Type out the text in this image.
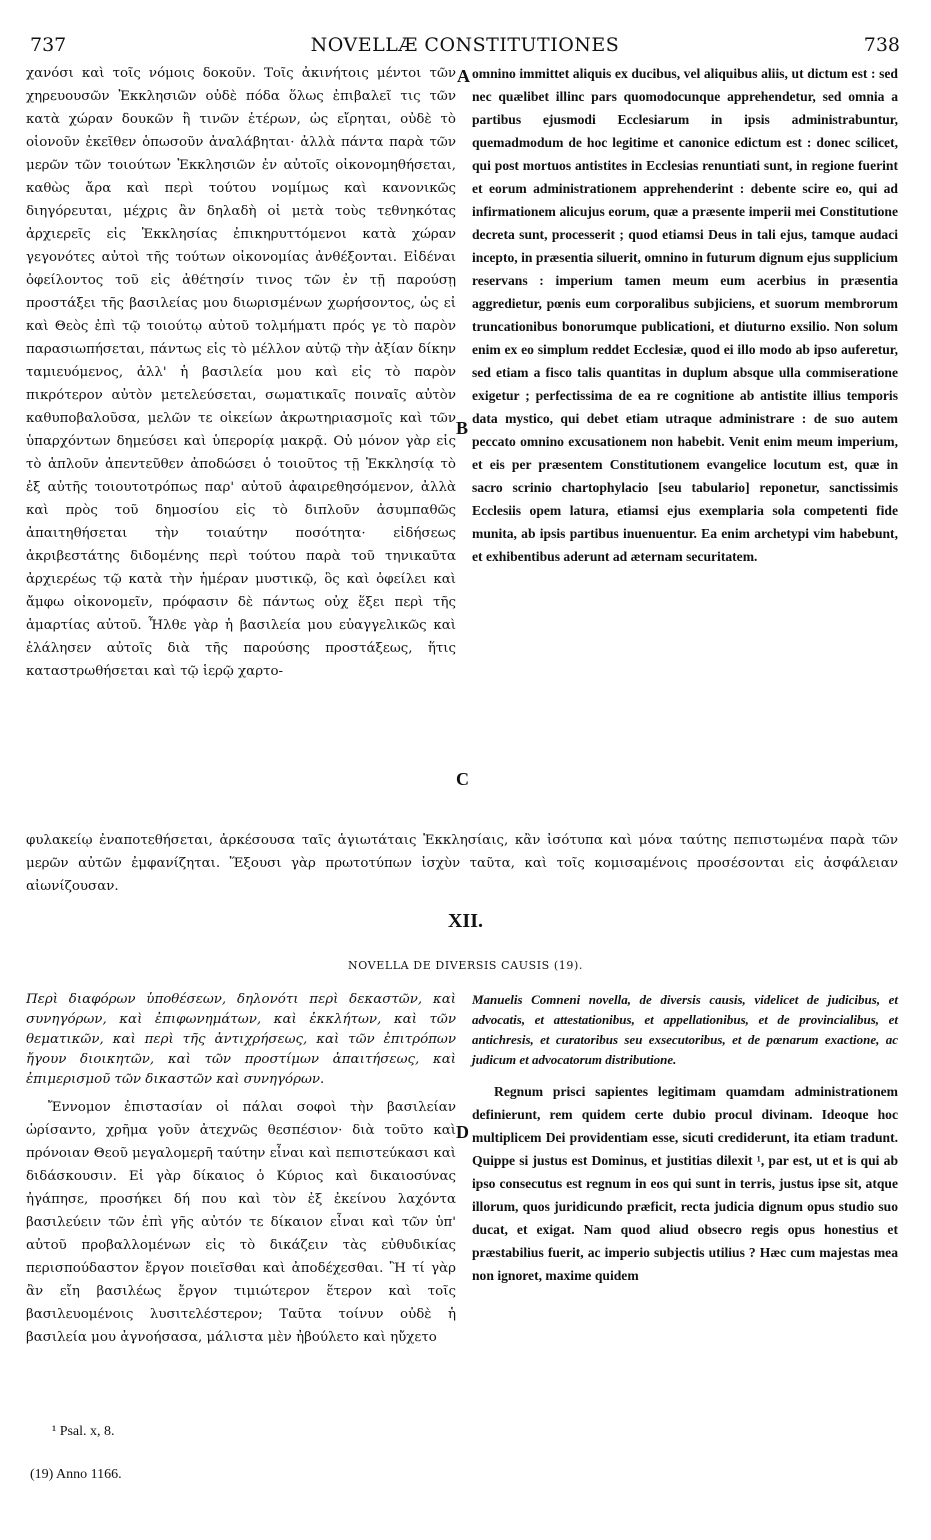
737	NOVELLÆ CONSTITUTIONES	738

χανόσι καὶ τοῖς νόμοις δοκοῦν. Τοῖς ἀκινήτοις μέντοι τῶν χηρευουσῶν Ἐκκλησιῶν οὐδὲ πόδα ὅλως ἐπιβαλεῖ τις τῶν κατὰ χώραν δουκῶν ἢ τινῶν ἑτέρων, ὡς εἴρηται, οὐδὲ τὸ οἱονοῦν ἐκεῖθεν ὁπωσοῦν ἀναλάβηται· ἀλλὰ πάντα παρὰ τῶν μερῶν τῶν τοιούτων Ἐκκλησιῶν ἐν αὐτοῖς οἰκονομηθήσεται, καθὼς ἄρα καὶ περὶ τούτου νομίμως καὶ κανονικῶς διηγόρευται, μέχρις ἂν δηλαδὴ οἱ μετὰ τοὺς τεθνηκότας ἀρχιερεῖς εἰς Ἐκκλησίας ἐπικηρυττόμενοι κατὰ χώραν γεγονότες αὐτοὶ τῆς τούτων οἰκονομίας ἀνθέξονται. Εἰδέναι ὀφείλοντος τοῦ εἰς ἀθέτησίν τινος τῶν ἐν τῇ παρούσῃ προστάξει τῆς βασιλείας μου διωρισμένων χωρήσοντος, ὡς εἰ καὶ Θεὸς ἐπὶ τῷ τοιούτῳ αὐτοῦ τολμήματι πρός γε τὸ παρὸν παρασιωπήσεται, πάντως εἰς τὸ μέλλον αὐτῷ τὴν ἀξίαν δίκην ταμιευόμενος, ἀλλ' ἡ βασιλεία μου καὶ εἰς τὸ παρὸν πικρότερον αὐτὸν μετελεύσεται, σωματικαῖς ποιναῖς αὐτὸν καθυποβαλοῦσα, μελῶν τε οἰκείων ἀκρωτηριασμοῖς καὶ τῶν ὑπαρχόντων δημεύσει καὶ ὑπερορίᾳ μακρᾷ. Οὐ μόνον γὰρ εἰς τὸ ἁπλοῦν ἀπεντεῦθεν ἀποδώσει ὁ τοιοῦτος τῇ Ἐκκλησίᾳ τὸ ἐξ αὐτῆς τοιουτοτρόπως παρ' αὐτοῦ ἀφαιρεθησόμενον, ἀλλὰ καὶ πρὸς τοῦ δημοσίου εἰς τὸ διπλοῦν ἀσυμπαθῶς ἀπαιτηθήσεται τὴν τοιαύτην ποσότητα· εἰδήσεως ἀκριβεστάτης διδομένης περὶ τούτου παρὰ τοῦ τηνικαῦτα ἀρχιερέως τῷ κατὰ τὴν ἡμέραν μυστικῷ, ὃς καὶ ὀφείλει καὶ ἄμφω οἰκονομεῖν, πρόφασιν δὲ πάντως οὐχ ἕξει περὶ τῆς ἁμαρτίας αὐτοῦ. Ἦλθε γὰρ ἡ βασιλεία μου εὐαγγελικῶς καὶ ἐλάλησεν αὐτοῖς διὰ τῆς παρούσης προστάξεως, ἥτις καταστρωθήσεται καὶ τῷ ἱερῷ χαρτο-

omnino immittet aliquis ex ducibus, vel aliquibus aliis, ut dictum est : sed nec quælibet illinc pars quomodocunque apprehendetur, sed omnia a partibus ejusmodi Ecclesiarum in ipsis administrabuntur, quemadmodum de hoc legitime et canonice edictum est : donec scilicet, qui post mortuos antistites in Ecclesias renuntiati sunt, in regione fuerint et eorum administrationem apprehenderint : debente scire eo, qui ad infirmationem alicujus eorum, quæ a præsente imperii mei Constitutione decreta sunt, processerit ; quod etiamsi Deus in tali ejus, tamque audaci incepto, in præsentia siluerit, omnino in futurum dignum ejus supplicium reservans : imperium tamen meum eum acerbius in præsentia aggredietur, pœnis eum corporalibus subjiciens, et suorum membrorum truncationibus bonorumque publicationi, et diuturno exsilio. Non solum enim ex eo simplum reddet Ecclesiæ, quod ei illo modo ab ipso auferetur, sed etiam a fisco talis quantitas in duplum absque ulla commiseratione exigetur ; perfectissima de ea re cognitione ab antistite illius temporis data mystico, qui debet etiam utraque administrare : de suo autem peccato omnino excusationem non habebit. Venit enim meum imperium, et eis per præsentem Constitutionem evangelice locutum est, quæ in sacro scrinio chartophylacio [seu tabulario] reponetur, sanctissimis Ecclesiis opem latura, etiamsi ejus exemplaria sola competenti fide munita, ab ipsis partibus inuenuentur. Ea enim archetypi vim habebunt, et exhibentibus aderunt ad æternam securitatem.

A
B
C
D

φυλακείῳ ἐναποτεθήσεται, ἀρκέσουσα ταῖς ἁγιωτάταις Ἐκκλησίαις, κἂν ἰσότυπα καὶ μόνα ταύτης πεπιστωμένα παρὰ τῶν μερῶν αὐτῶν ἐμφανίζηται. Ἕξουσι γὰρ πρωτοτύπων ἰσχὺν ταῦτα, καὶ τοῖς κομισαμένοις προσέσονται εἰς ἀσφάλειαν αἰωνίζουσαν.

XII.
NOVELLA DE DIVERSIS CAUSIS (19).

Περὶ διαφόρων ὑποθέσεων, δηλονότι περὶ δεκαστῶν, καὶ συνηγόρων, καὶ ἐπιφωνημάτων, καὶ ἐκκλήτων, καὶ τῶν θεματικῶν, καὶ περὶ τῆς ἀντιχρήσεως, καὶ τῶν ἐπιτρόπων ἤγουν διοικητῶν, καὶ τῶν προστίμων ἀπαιτήσεως, καὶ ἐπιμερισμοῦ τῶν δικαστῶν καὶ συνηγόρων.

Ἔννομον ἐπιστασίαν οἱ πάλαι σοφοὶ τὴν βασιλείαν ὡρίσαντο, χρῆμα γοῦν ἀτεχνῶς θεσπέσιον· διὰ τοῦτο καὶ πρόνοιαν Θεοῦ μεγαλομερῆ ταύτην εἶναι καὶ πεπιστεύκασι καὶ διδάσκουσιν. Εἰ γὰρ δίκαιος ὁ Κύριος καὶ δικαιοσύνας ἠγάπησε, προσήκει δή που καὶ τὸν ἐξ ἐκείνου λαχόντα βασιλεύειν τῶν ἐπὶ γῆς αὐτόν τε δίκαιον εἶναι καὶ τῶν ὑπ' αὐτοῦ προβαλλομένων εἰς τὸ δικάζειν τὰς εὐθυδικίας περισπούδαστον ἔργον ποιεῖσθαι καὶ ἀποδέχεσθαι. Ἢ τί γὰρ ἂν εἴη βασιλέως ἔργον τιμιώτερον ἕτερον καὶ τοῖς βασιλευομένοις λυσιτελέστερον; Ταῦτα τοίνυν οὐδὲ ἡ βασιλεία μου ἀγνοήσασα, μάλιστα μὲν ἠβούλετο καὶ ηὔχετο

Manuelis Comneni novella, de diversis causis, videlicet de judicibus, et advocatis, et attestationibus, et appellationibus, et de provincialibus, et antichresis, et curatoribus seu exsecutoribus, et de pœnarum exactione, ac judicum et advocatorum distributione.

Regnum prisci sapientes legitimam quamdam administrationem definierunt, rem quidem certe dubio procul divinam. Ideoque hoc multiplicem Dei providentiam esse, sicuti crediderunt, ita etiam tradunt. Quippe si justus est Dominus, et justitias dilexit ¹, par est, ut et is qui ab ipso consecutus est regnum in eos qui sunt in terris, justus ipse sit, atque illorum, quos juridicundo præficit, recta judicia dignum opus studio suo ducat, et exigat. Nam quod aliud obsecro regis opus honestius et præstabilius fuerit, ac imperio subjectis utilius ? Hæc cum majestas mea non ignoret, maxime quidem

¹ Psal. x, 8.
(19) Anno 1166.
